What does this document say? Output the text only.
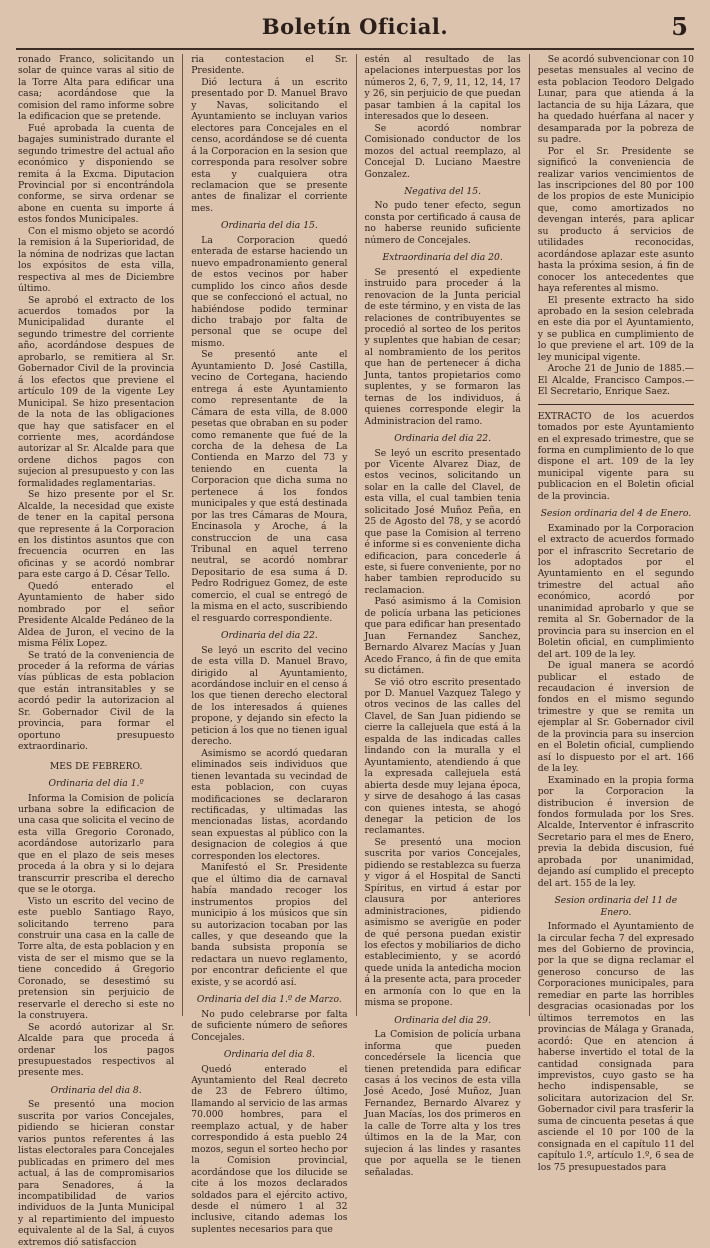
Boletín Oficial.	5

ronado Franco, solicitando un solar de quince varas al sitio de la Torre Alta para edificar una casa; acordándose que la comision del ramo informe sobre la edificacion que se pretende.

Fué aprobada la cuenta de bagajes suministrado durante el segundo trimestre del actual año económico y disponiendo se remita á la Excma. Diputacion Provincial por si encontrándola conforme, se sirva ordenar se abone en cuenta su importe á estos fondos Municipales.

Con el mismo objeto se acordó la remision á la Superioridad, de la nómina de nodrizas que lactan los expósitos de esta villa, respectiva al mes de Diciembre último.

Se aprobó el extracto de los acuerdos tomados por la Municipalidad durante el segundo trimestre del corriente año, acordándose despues de aprobarlo, se remitiera al Sr. Gobernador Civil de la provincia á los efectos que previene el artículo 109 de la vigente Ley Municipal. Se hizo presentacion de la nota de las obligaciones que hay que satisfacer en el corriente mes, acordándose autorizar al Sr. Alcalde para que ordene dichos pagos con sujecion al presupuesto y con las formalidades reglamentarias.

Se hizo presente por el Sr. Alcalde, la necesidad que existe de tener en la capital persona que represente á la Corporacion en los distintos asuntos que con frecuencia ocurren en las oficinas y se acordó nombrar para este cargo á D. César Tello.

Quedó enterado el Ayuntamiento de haber sido nombrado por el señor Presidente Alcalde Pedáneo de la Aldea de Juron, el vecino de la misma Félix Lopez.

Se trató de la conveniencia de proceder á la reforma de várias vías públicas de esta poblacion que están intransitables y se acordó pedir la autorizacion al Sr. Gobernador Civil de la provincia, para formar el oportuno presupuesto extraordinario.

MES DE FEBRERO.

Ordinaria del dia 1.º

Informa la Comision de policía urbana sobre la edificacion de una casa que solicita el vecino de esta villa Gregorio Coronado, acordándose autorizarlo para que en el plazo de seis meses proceda á la obra y si lo dejara transcurrir prescriba el derecho que se le otorga.

Visto un escrito del vecino de este pueblo Santiago Rayo, solicitando terreno para construir una casa en la calle de Torre alta, de esta poblacion y en vista de ser el mismo que se la tiene concedido á Gregorio Coronado, se desestimó su pretension sin perjuicio de reservarle el derecho si este no la construyera.

Se acordó autorizar al Sr. Alcalde para que proceda á ordenar los pagos presupuestados respectivos al presente mes.

Ordinaria del dia 8.

Se presentó una mocion suscrita por varios Concejales, pidiendo se hicieran constar varios puntos referentes á las listas electorales para Concejales publicadas en primero del mes actual, á las de compromisarios para Senadores, á la incompatibilidad de varios individuos de la Junta Municipal y al repartimiento del impuesto equivalente al de la Sal, á cuyos extremos dió satisfaccion

ria contestacion el Sr. Presidente.

Dió lectura á un escrito presentado por D. Manuel Bravo y Navas, solicitando el Ayuntamiento se incluyan varios electores para Concejales en el censo, acordándose se dé cuenta á la Corporacion en la sesion que corresponda para resolver sobre esta y cualquiera otra reclamacion que se presente antes de finalizar el corriente mes.

Ordinaria del dia 15.

La Corporacion quedó enterada de estarse haciendo un nuevo empadronamiento general de estos vecinos por haber cumplido los cinco años desde que se confeccionó el actual, no habiéndose podido terminar dicho trabajo por falta de personal que se ocupe del mismo.

Se presentó ante el Ayuntamiento D. José Castilla, vecino de Cortegana, haciendo entrega á este Ayuntamiento como representante de la Cámara de esta villa, de 8.000 pesetas que obraban en su poder como remanente que fué de la corcha de la dehesa de La Contienda en Marzo del 73 y teniendo en cuenta la Corporacion que dicha suma no pertenece á los fondos municipales y que está destinada por las tres Cámaras de Moura, Encinasola y Aroche, á la construccion de una casa Tribunal en aquel terreno neutral, se acordó nombrar Depositario de esa suma á D. Pedro Rodriguez Gomez, de este comercio, el cual se entregó de la misma en el acto, suscribiendo el resguardo correspondiente.

Ordinaria del dia 22.

Se leyó un escrito del vecino de esta villa D. Manuel Bravo, dirigido al Ayuntamiento, acordándose incluir en el censo á los que tienen derecho electoral de los interesados á quienes propone, y dejando sin efecto la peticion á los que no tienen igual derecho.

Asimismo se acordó quedaran eliminados seis individuos que tienen levantada su vecindad de esta poblacion, con cuyas modificaciones se declararon rectificadas, y ultimadas las mencionadas listas, acordando sean expuestas al público con la designacion de colegios á que corresponden los electores.

Manifestó el Sr. Presidente que el último dia de carnaval había mandado recoger los instrumentos propios del municipio á los músicos que sin su autorizacion tocaban por las calles, y que deseando que la banda subsista proponía se redactara un nuevo reglamento, por encontrar deficiente el que existe, y se acordó así.

Ordinaria del dia 1.º de Marzo.

No pudo celebrarse por falta de suficiente número de señores Concejales.

Ordinaria del dia 8.

Quedó enterado el Ayuntamiento del Real decreto de 23 de Febrero último, llamando al servicio de las armas 70.000 hombres, para el reemplazo actual, y de haber correspondido á esta pueblo 24 mozos, segun el sorteo hecho por la Comision provincial, acordándose que los dilucide se cite á los mozos declarados soldados para el ejército activo, desde el número 1 al 32 inclusive, citando ademas los suplentes necesarios para que

estén al resultado de las apelaciones interpuestas por los números 2, 6, 7, 9, 11, 12, 14, 17 y 26, sin perjuicio de que puedan pasar tambien á la capital los interesados que lo deseen.

Se acordó nombrar Comisionado conductor de los mozos del actual reemplazo, al Concejal D. Luciano Maestre Gonzalez.

Negativa del 15.

No pudo tener efecto, segun consta por certificado á causa de no haberse reunido suficiente número de Concejales.

Extraordinaria del dia 20.

Se presentó el expediente instruido para proceder á la renovacion de la Junta pericial de este término, y en vista de las relaciones de contribuyentes se procedió al sorteo de los peritos y suplentes que habian de cesar; al nombramiento de los peritos que han de pertenecer á dicha Junta, tantos propietarios como suplentes, y se formaron las ternas de los individuos, á quienes corresponde elegir la Administracion del ramo.

Ordinaria del dia 22.

Se leyó un escrito presentado por Vicente Alvarez Diaz, de estos vecinos, solicitando un solar en la calle del Clavel, de esta villa, el cual tambien tenia solicitado José Muñoz Peña, en 25 de Agosto del 78, y se acordó que pase la Comision al terreno é informe si es conveniente dicha edificacion, para concederle á este, si fuere conveniente, por no haber tambien reproducido su reclamacion.

Pasó asimismo á la Comision de policía urbana las peticiones que para edificar han presentado Juan Fernandez Sanchez, Bernardo Alvarez Macías y Juan Acedo Franco, á fin de que emita su dictámen.

Se vió otro escrito presentado por D. Manuel Vazquez Talego y otros vecinos de las calles del Clavel, de San Juan pidiendo se cierre la callejuela que está á la espalda de las indicadas calles lindando con la muralla y el Ayuntamiento, atendiendo á que la expresada callejuela está abierta desde muy lejana época, y sirve de desahogo á las casas con quienes intesta, se ahogó denegar la peticion de los reclamantes.

Se presentó una mocion suscrita por varios Concejales, pidiendo se restablezca su fuerza y vigor á el Hospital de Sancti Spíritus, en virtud á estar por clausura por anteriores administraciones, pidiendo asimismo se averigüe en poder de qué persona puedan existir los efectos y mobiliarios de dicho establecimiento, y se acordó quede unida la antedicha mocion á la presente acta, para proceder en armonía con lo que en la misma se propone.

Ordinaria del dia 29.

La Comision de policía urbana informa que pueden concedérsele la licencia que tienen pretendida para edificar casas á los vecinos de esta villa José Acedo, José Muñoz, Juan Fernandez, Bernardo Alvarez y Juan Macías, los dos primeros en la calle de Torre alta y los tres últimos en la de la Mar, con sujecion á las lindes y rasantes que por aquella se le tienen señaladas.

Se acordó subvencionar con 10 pesetas mensuales al vecino de esta poblacion Teodoro Delgado Lunar, para que atienda á la lactancia de su hija Lázara, que ha quedado huérfana al nacer y desamparada por la pobreza de su padre.

Por el Sr. Presidente se significó la conveniencia de realizar varios vencimientos de las inscripciones del 80 por 100 de los propios de este Municipio que, como amortizados no devengan interés, para aplicar su producto á servicios de utilidades reconocidas, acordándose aplazar este asunto hasta la próxima sesion, á fin de conocer los antecedentes que haya referentes al mismo.

El presente extracto ha sido aprobado en la sesion celebrada en este dia por el Ayuntamiento, y se publica en cumplimiento de lo que previene el art. 109 de la ley municipal vigente.

Aroche 21 de Junio de 1885.—El Alcalde, Francisco Campos.—El Secretario, Enrique Saez.

EXTRACTO de los acuerdos tomados por este Ayuntamiento en el expresado trimestre, que se forma en cumplimiento de lo que dispone el art. 109 de la ley municipal vigente para su publicacion en el Boletin oficial de la provincia.

Sesion ordinaria del 4 de Enero.

Examinado por la Corporacion el extracto de acuerdos formado por el infrascrito Secretario de los adoptados por el Ayuntamiento en el segundo trimestre del actual año económico, acordó por unanimidad aprobarlo y que se remita al Sr. Gobernador de la provincia para su insercion en el Boletin oficial, en cumplimiento del art. 109 de la ley.

De igual manera se acordó publicar el estado de recaudacion é inversion de fondos en el mismo segundo trimestre y que se remita un ejemplar al Sr. Gobernador civil de la provincia para su insercion en el Boletin oficial, cumpliendo así lo dispuesto por el art. 166 de la ley.

Examinado en la propia forma por la Corporacion la distribucion é inversion de fondos formulada por los Sres. Alcalde, Interventor é infrascrito Secretario para el mes de Enero, previa la debida discusion, fué aprobada por unanimidad, dejando así cumplido el precepto del art. 155 de la ley.

Sesion ordinaria del 11 de Enero.

Informado el Ayuntamiento de la circular fecha 7 del expresado mes del Gobierno de provincia, por la que se digna reclamar el generoso concurso de las Corporaciones municipales, para remediar en parte las horribles desgracias ocasionadas por los últimos terremotos en las provincias de Málaga y Granada, acordó: Que en atencion á haberse invertido el total de la cantidad consignada para imprevistos, cuyo gasto se ha hecho indispensable, se solicitara autorizacion del Sr. Gobernador civil para trasferir la suma de cincuenta pesetas á que asciende el 10 por 100 de la consignada en el capítulo 11 del capítulo 1.º, artículo 1.º, 6 sea de los 75 presupuestados para
